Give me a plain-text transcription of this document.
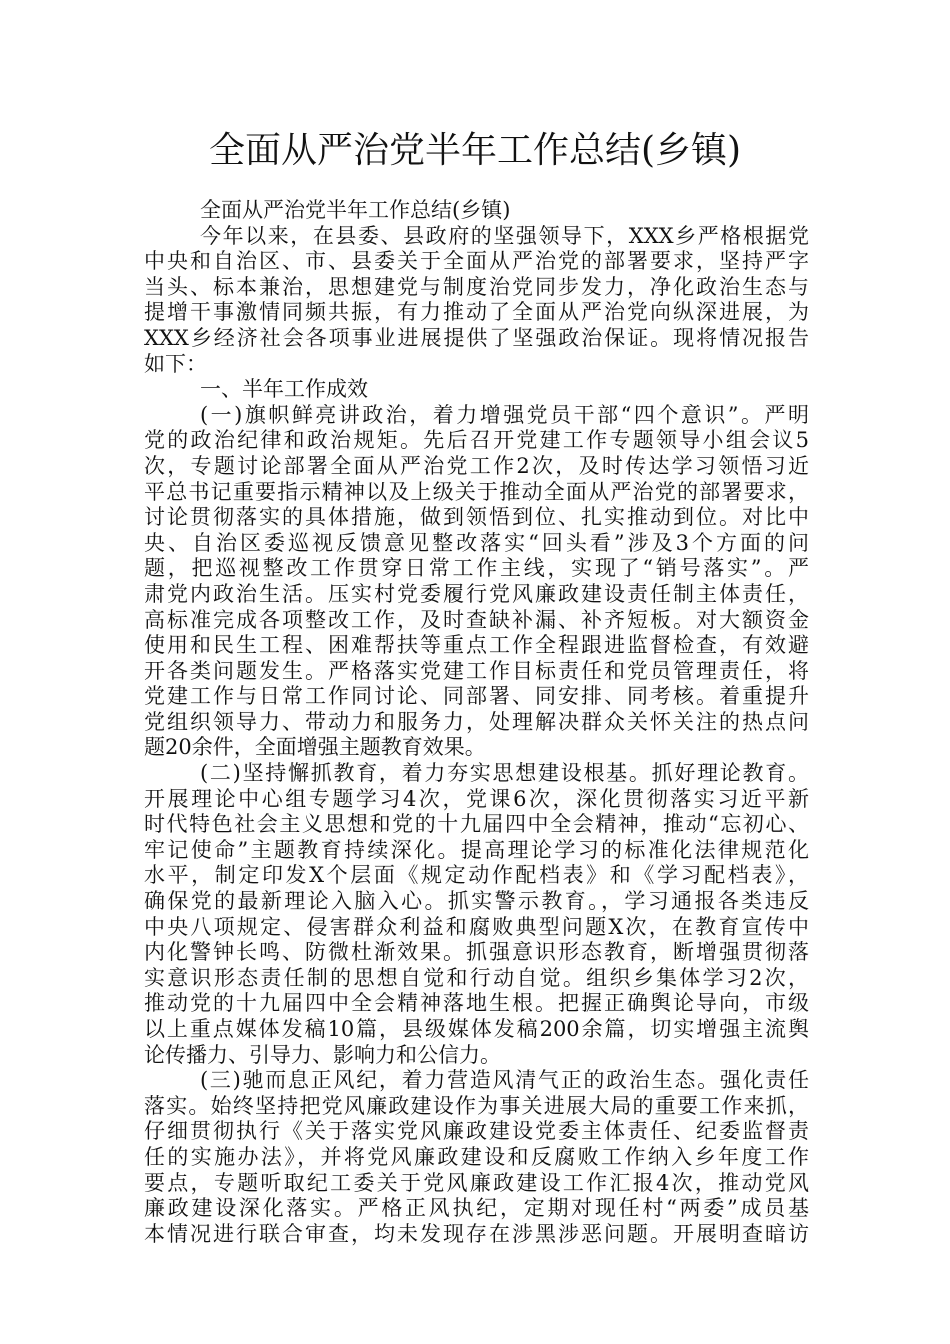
全面从严治党半年工作总结(乡镇)
全面从严治党半年工作总结(乡镇)
今年以来，在县委、县政府的坚强领导下，XXX乡严格根据党
中央和自治区、市、县委关于全面从严治党的部署要求，坚持严字
当头、标本兼治，思想建党与制度治党同步发力，净化政治生态与
提增干事激情同频共振，有力推动了全面从严治党向纵深进展，为
XXX乡经济社会各项事业进展提供了坚强政治保证。现将情况报告
如下：
一、半年工作成效
(一)旗帜鲜亮讲政治，着力增强党员干部“四个意识”。严明
党的政治纪律和政治规矩。先后召开党建工作专题领导小组会议5
次，专题讨论部署全面从严治党工作2次，及时传达学习领悟习近
平总书记重要指示精神以及上级关于推动全面从严治党的部署要求，
讨论贯彻落实的具体措施，做到领悟到位、扎实推动到位。对比中
央、自治区委巡视反馈意见整改落实“回头看”涉及3个方面的问
题，把巡视整改工作贯穿日常工作主线，实现了“销号落实”。严
肃党内政治生活。压实村党委履行党风廉政建设责任制主体责任，
高标准完成各项整改工作，及时查缺补漏、补齐短板。对大额资金
使用和民生工程、困难帮扶等重点工作全程跟进监督检查，有效避
开各类问题发生。严格落实党建工作目标责任和党员管理责任，将
党建工作与日常工作同讨论、同部署、同安排、同考核。着重提升
党组织领导力、带动力和服务力，处理解决群众关怀关注的热点问
题20余件，全面增强主题教育效果。
(二)坚持懈抓教育，着力夯实思想建设根基。抓好理论教育。
开展理论中心组专题学习4次，党课6次，深化贯彻落实习近平新
时代特色社会主义思想和党的十九届四中全会精神，推动“忘初心、
牢记使命”主题教育持续深化。提高理论学习的标准化法律规范化
水平，制定印发X个层面《规定动作配档表》和《学习配档表》，
确保党的最新理论入脑入心。抓实警示教育。，学习通报各类违反
中央八项规定、侵害群众利益和腐败典型问题X次，在教育宣传中
内化警钟长鸣、防微杜渐效果。抓强意识形态教育，断增强贯彻落
实意识形态责任制的思想自觉和行动自觉。组织乡集体学习2次，
推动党的十九届四中全会精神落地生根。把握正确舆论导向，市级
以上重点媒体发稿10篇，县级媒体发稿200余篇，切实增强主流舆
论传播力、引导力、影响力和公信力。
(三)驰而息正风纪，着力营造风清气正的政治生态。强化责任
落实。始终坚持把党风廉政建设作为事关进展大局的重要工作来抓，
仔细贯彻执行《关于落实党风廉政建设党委主体责任、纪委监督责
任的实施办法》，并将党风廉政建设和反腐败工作纳入乡年度工作
要点，专题听取纪工委关于党风廉政建设工作汇报4次，推动党风
廉政建设深化落实。严格正风执纪，定期对现任村“两委”成员基
本情况进行联合审查，均未发现存在涉黑涉恶问题。开展明查暗访
